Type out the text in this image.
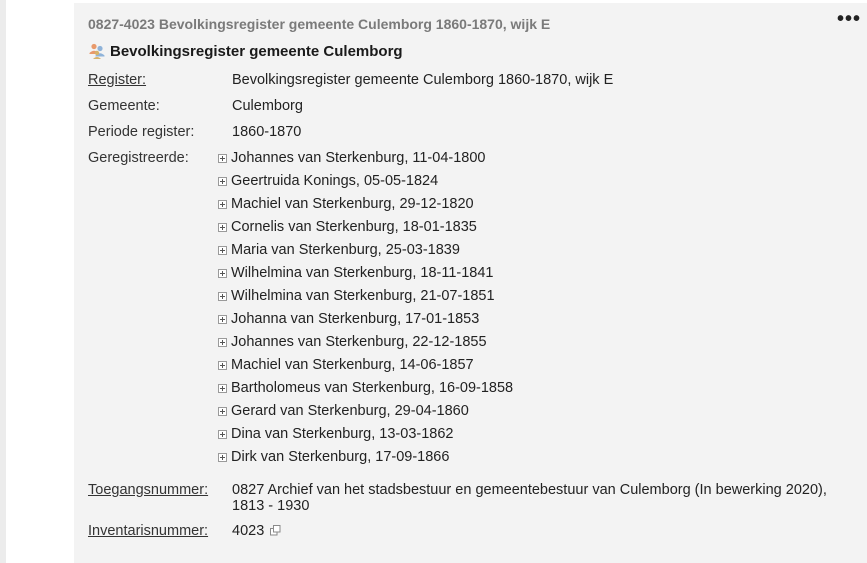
0827-4023 Bevolkingsregister gemeente Culemborg 1860-1870, wijk E	•••
Bevolkingsregister gemeente Culemborg
Register:	Bevolkingsregister gemeente Culemborg 1860-1870, wijk E
Gemeente:	Culemborg
Periode register:	1860-1870
Geregistreerde:	Johannes van Sterkenburg, 11-04-1800
Geertruida Konings, 05-05-1824
Machiel van Sterkenburg, 29-12-1820
Cornelis van Sterkenburg, 18-01-1835
Maria van Sterkenburg, 25-03-1839
Wilhelmina van Sterkenburg, 18-11-1841
Wilhelmina van Sterkenburg, 21-07-1851
Johanna van Sterkenburg, 17-01-1853
Johannes van Sterkenburg, 22-12-1855
Machiel van Sterkenburg, 14-06-1857
Bartholomeus van Sterkenburg, 16-09-1858
Gerard van Sterkenburg, 29-04-1860
Dina van Sterkenburg, 13-03-1862
Dirk van Sterkenburg, 17-09-1866
Toegangsnummer:	0827 Archief van het stadsbestuur en gemeentebestuur van Culemborg (In bewerking 2020), 1813 - 1930
Inventarisnummer:	4023
